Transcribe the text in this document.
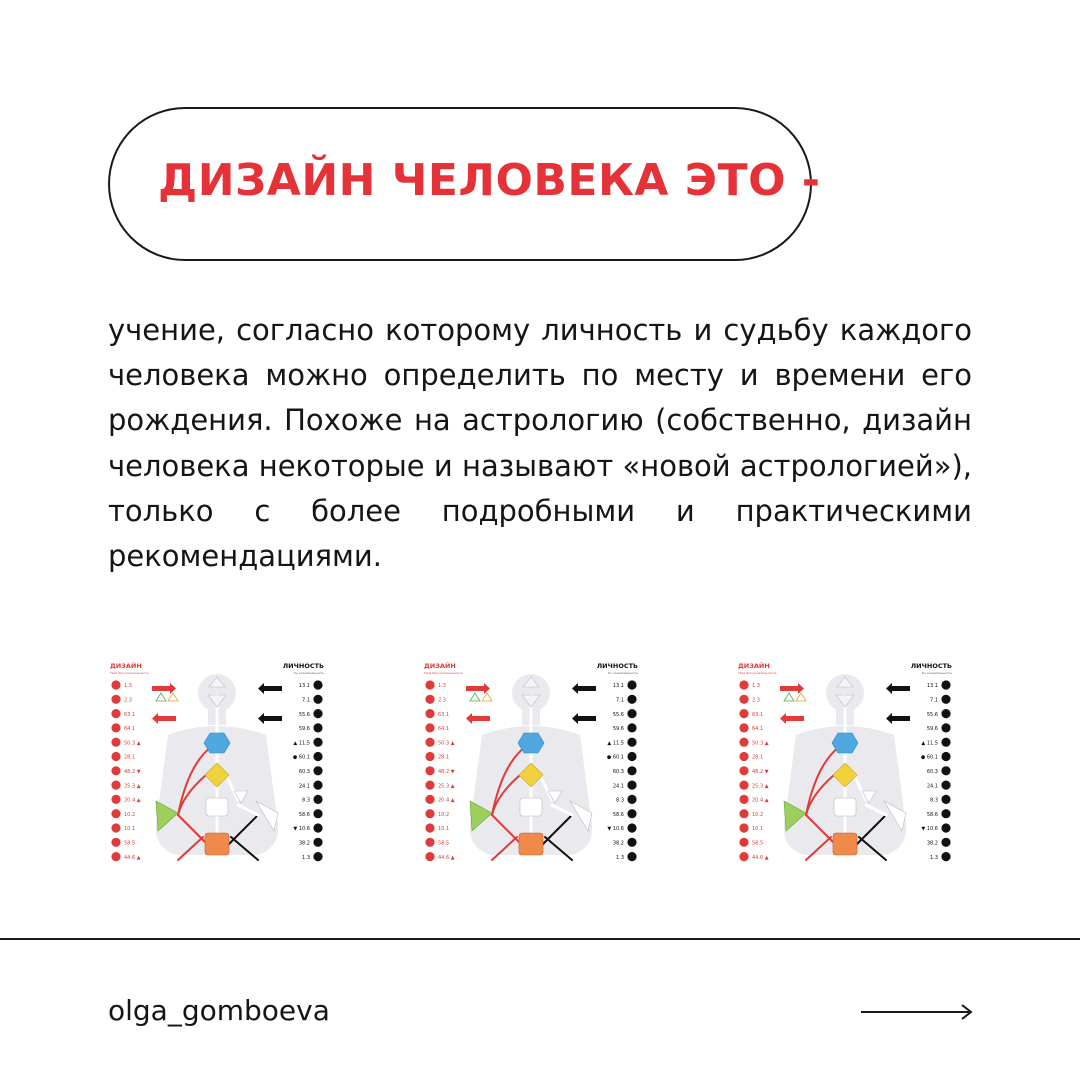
ДИЗАЙН ЧЕЛОВЕКА ЭТО -

учение, согласно которому личность и судьбу каждого человека можно определить по месту и времени его рождения. Похоже на астрологию (собственно, дизайн человека некоторые и называют «новой астрологией»), только с более подробными и практическими рекомендациями.

ДИЗАЙН
Твоя бессознательность
ЛИЧНОСТЬ
Ты сознательность
1.3
2.3
63.1
64.1
50.3 ▲
28.1
48.2 ▼
25.3 ▲
20.4 ▲
10.2
10.1
58.5
44.6 ▲
13.1
7.1
55.6
59.6
▲ 11.5
● 60.1
60.3
24.1
8.3
58.6
▼ 10.6
38.2
1.3
ДИЗАЙН
Твоя бессознательность
ЛИЧНОСТЬ
Ты сознательность
1.3
2.3
63.1
64.1
50.3 ▲
28.1
48.2 ▼
25.3 ▲
20.4 ▲
10.2
10.1
58.5
44.6 ▲
13.1
7.1
55.6
59.6
▲ 11.5
● 60.1
60.3
24.1
8.3
58.6
▼ 10.6
38.2
1.3
ДИЗАЙН
Твоя бессознательность
ЛИЧНОСТЬ
Ты сознательность
1.3
2.3
63.1
64.1
50.3 ▲
28.1
48.2 ▼
25.3 ▲
20.4 ▲
10.2
10.1
58.5
44.6 ▲
13.1
7.1
55.6
59.6
▲ 11.5
● 60.1
60.3
24.1
8.3
58.6
▼ 10.6
38.2
1.3
olga_gomboeva
